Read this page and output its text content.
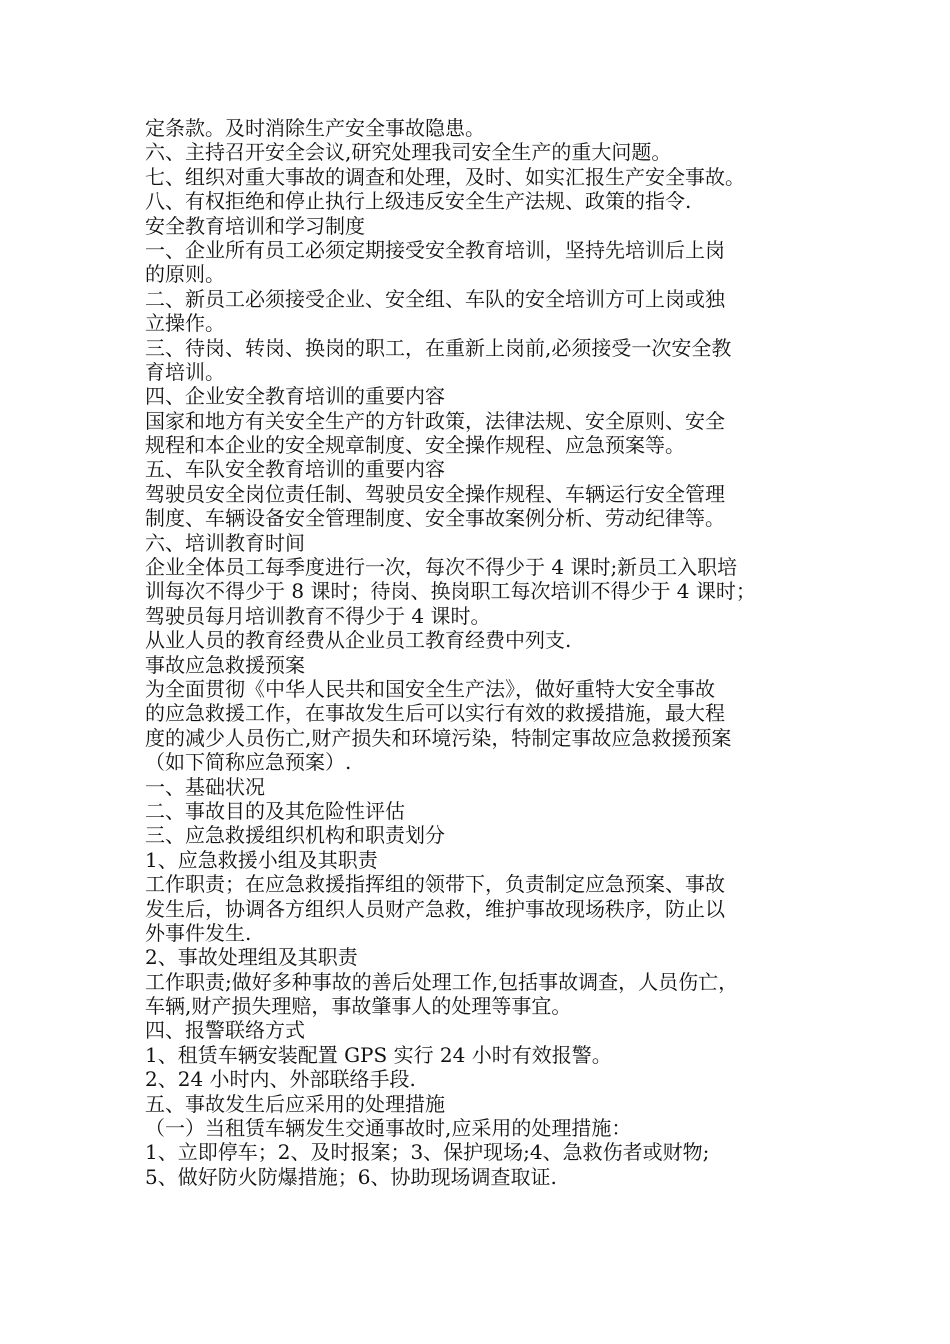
定条款。及时消除生产安全事故隐患。
六、主持召开安全会议,研究处理我司安全生产的重大问题。
七、组织对重大事故的调查和处理，及时、如实汇报生产安全事故。
八、有权拒绝和停止执行上级违反安全生产法规、政策的指令.
安全教育培训和学习制度
一、企业所有员工必须定期接受安全教育培训，坚持先培训后上岗
的原则。
二、新员工必须接受企业、安全组、车队的安全培训方可上岗或独
立操作。
三、待岗、转岗、换岗的职工，在重新上岗前,必须接受一次安全教
育培训。
四、企业安全教育培训的重要内容
国家和地方有关安全生产的方针政策，法律法规、安全原则、安全
规程和本企业的安全规章制度、安全操作规程、应急预案等。
五、车队安全教育培训的重要内容
驾驶员安全岗位责任制、驾驶员安全操作规程、车辆运行安全管理
制度、车辆设备安全管理制度、安全事故案例分析、劳动纪律等。
六、培训教育时间
企业全体员工每季度进行一次，每次不得少于 4 课时;新员工入职培
训每次不得少于 8 课时；待岗、换岗职工每次培训不得少于 4 课时；
驾驶员每月培训教育不得少于 4 课时。
从业人员的教育经费从企业员工教育经费中列支.
事故应急救援预案
为全面贯彻《中华人民共和国安全生产法》，做好重特大安全事故
的应急救援工作，在事故发生后可以实行有效的救援措施，最大程
度的减少人员伤亡,财产损失和环境污染，特制定事故应急救援预案
（如下简称应急预案）.
一、基础状况
二、事故目的及其危险性评估
三、应急救援组织机构和职责划分
1、应急救援小组及其职责
工作职责；在应急救援指挥组的领带下，负责制定应急预案、事故
发生后，协调各方组织人员财产急救，维护事故现场秩序，防止以
外事件发生.
2、事故处理组及其职责
工作职责;做好多种事故的善后处理工作,包括事故调查，人员伤亡，
车辆,财产损失理赔，事故肇事人的处理等事宜。
四、报警联络方式
1、租赁车辆安装配置 GPS 实行 24 小时有效报警。
2、24 小时内、外部联络手段.
五、事故发生后应采用的处理措施
（一）当租赁车辆发生交通事故时,应采用的处理措施：
1、立即停车；2、及时报案；3、保护现场;4、急救伤者或财物;
5、做好防火防爆措施；6、协助现场调查取证.
